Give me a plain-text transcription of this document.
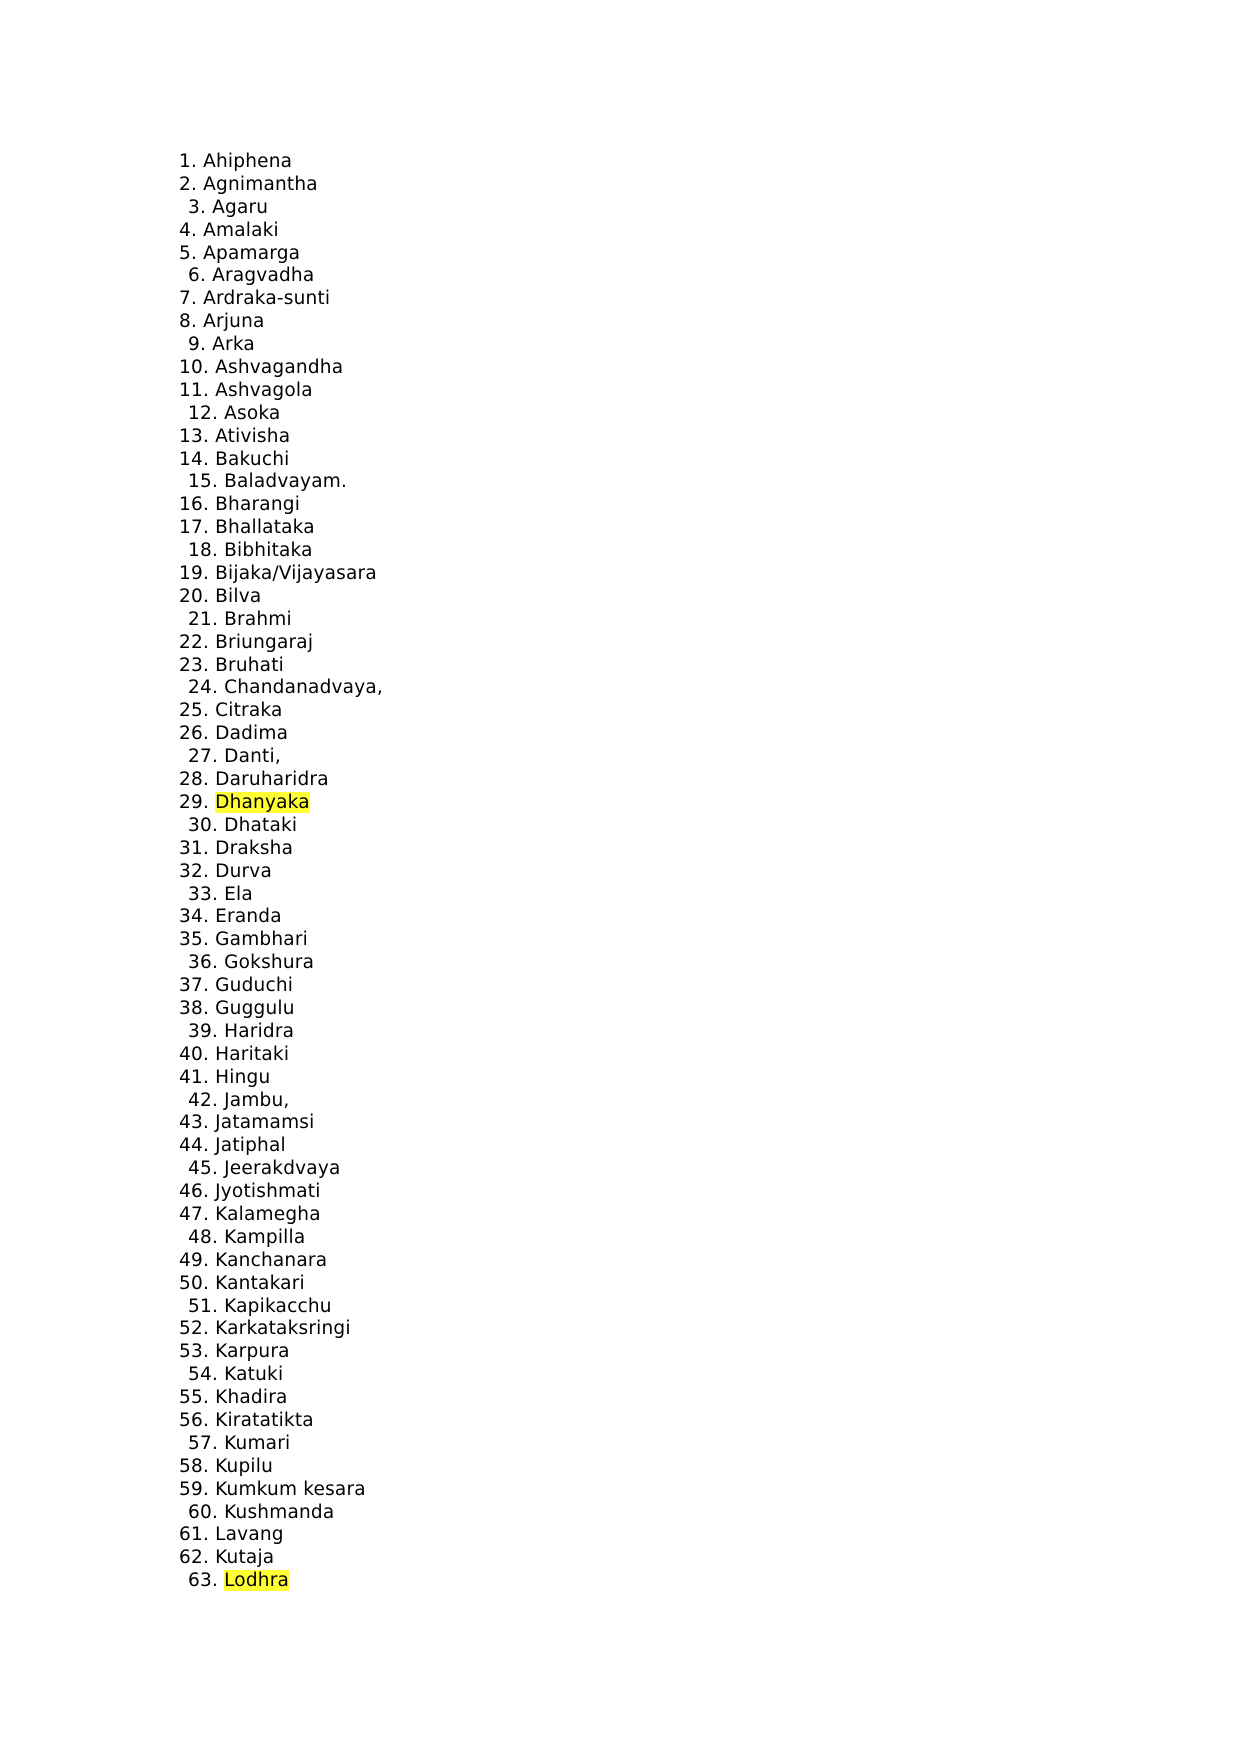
1. Ahiphena
2. Agnimantha
3. Agaru
4. Amalaki
5. Apamarga
6. Aragvadha
7. Ardraka-sunti
8. Arjuna
9. Arka
10. Ashvagandha
11. Ashvagola
12. Asoka
13. Ativisha
14. Bakuchi
15. Baladvayam.
16. Bharangi
17. Bhallataka
18. Bibhitaka
19. Bijaka/Vijayasara
20. Bilva
21. Brahmi
22. Briungaraj
23. Bruhati
24. Chandanadvaya,
25. Citraka
26. Dadima
27. Danti,
28. Daruharidra
29. Dhanyaka
30. Dhataki
31. Draksha
32. Durva
33. Ela
34. Eranda
35. Gambhari
36. Gokshura
37. Guduchi
38. Guggulu
39. Haridra
40. Haritaki
41. Hingu
42. Jambu,
43. Jatamamsi
44. Jatiphal
45. Jeerakdvaya
46. Jyotishmati
47. Kalamegha
48. Kampilla
49. Kanchanara
50. Kantakari
51. Kapikacchu
52. Karkataksringi
53. Karpura
54. Katuki
55. Khadira
56. Kiratatikta
57. Kumari
58. Kupilu
59. Kumkum kesara
60. Kushmanda
61. Lavang
62. Kutaja
63. Lodhra
